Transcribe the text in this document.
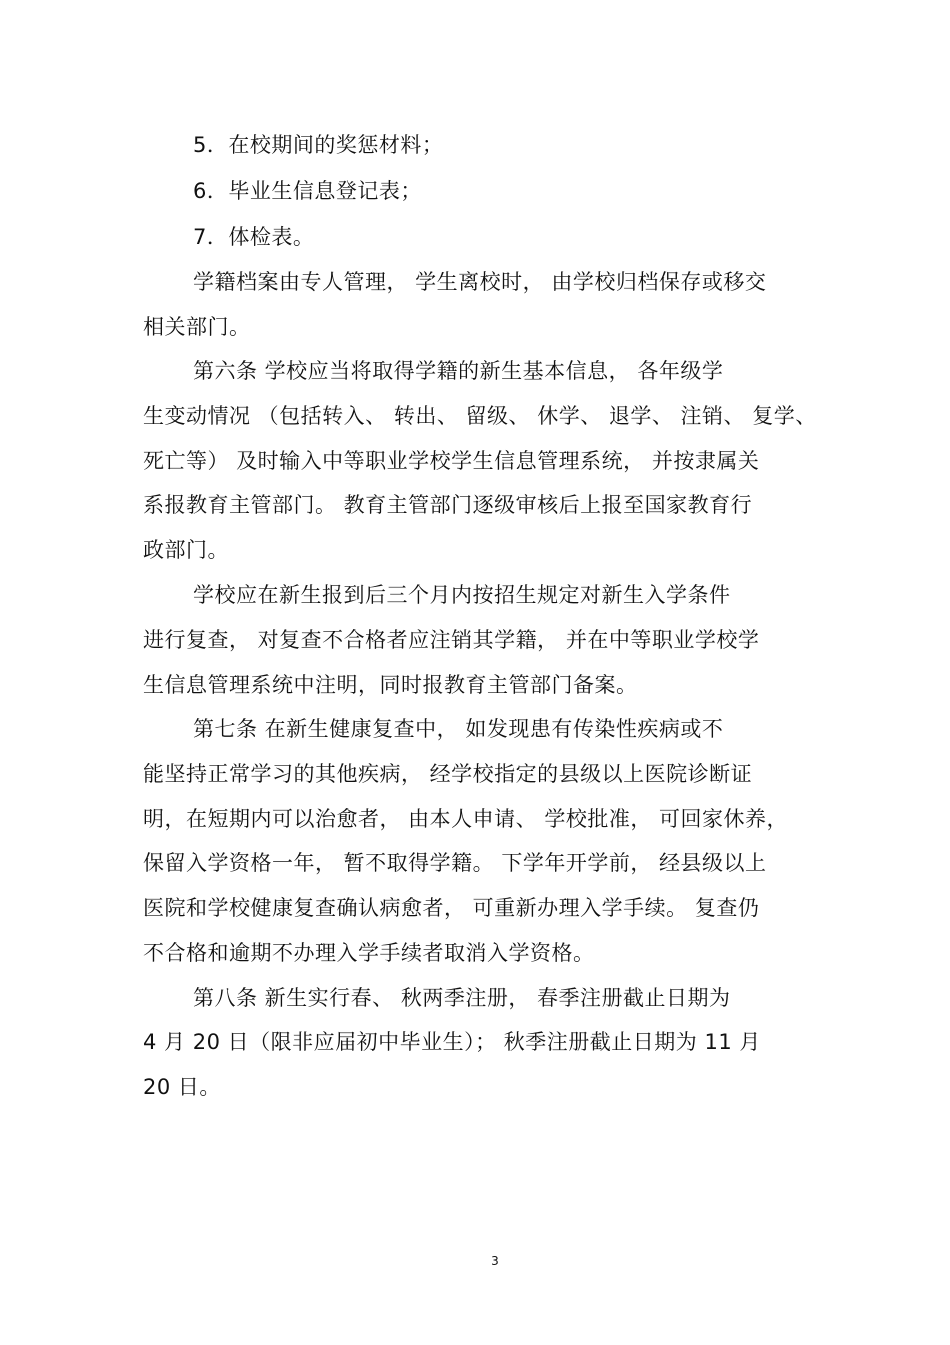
5．在校期间的奖惩材料；
6．毕业生信息登记表；
7．体检表。
学籍档案由专人管理， 学生离校时， 由学校归档保存或移交
相关部门。
第六条 学校应当将取得学籍的新生基本信息， 各年级学
生变动情况 （包括转入、 转出、 留级、 休学、 退学、 注销、 复学、
死亡等） 及时输入中等职业学校学生信息管理系统， 并按隶属关
系报教育主管部门。 教育主管部门逐级审核后上报至国家教育行
政部门。
学校应在新生报到后三个月内按招生规定对新生入学条件
进行复查， 对复查不合格者应注销其学籍， 并在中等职业学校学
生信息管理系统中注明，同时报教育主管部门备案。
第七条 在新生健康复查中， 如发现患有传染性疾病或不
能坚持正常学习的其他疾病， 经学校指定的县级以上医院诊断证
明，在短期内可以治愈者， 由本人申请、 学校批准， 可回家休养，
保留入学资格一年， 暂不取得学籍。 下学年开学前， 经县级以上
医院和学校健康复查确认病愈者， 可重新办理入学手续。 复查仍
不合格和逾期不办理入学手续者取消入学资格。
第八条 新生实行春、 秋两季注册， 春季注册截止日期为
4 月 20 日（限非应届初中毕业生）； 秋季注册截止日期为 11 月
20 日。
3
